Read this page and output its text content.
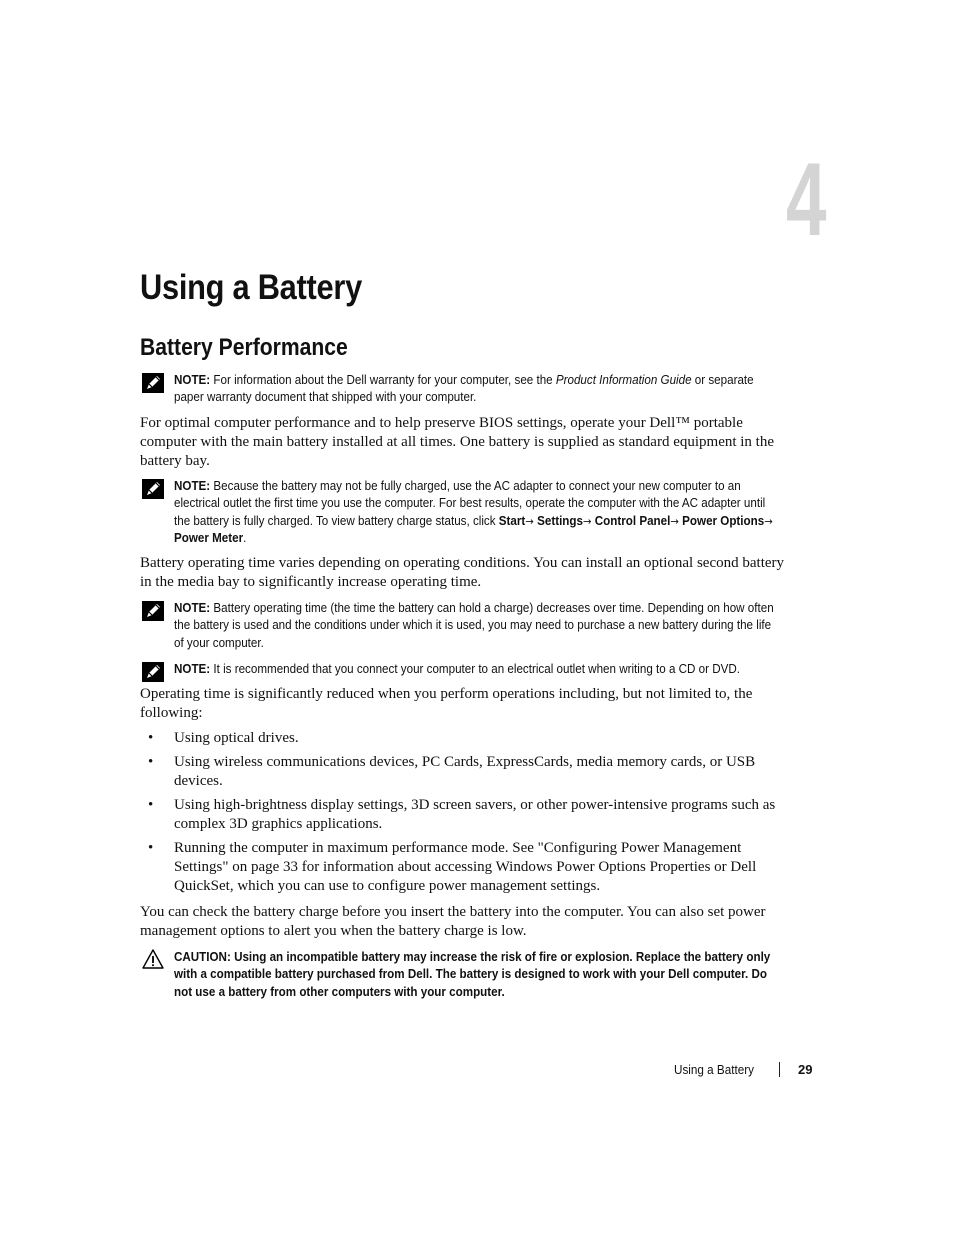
4
Using a Battery
Battery Performance
NOTE: For information about the Dell warranty for your computer, see the Product Information Guide or separate paper warranty document that shipped with your computer.

For optimal computer performance and to help preserve BIOS settings, operate your Dell™ portable computer with the main battery installed at all times. One battery is supplied as standard equipment in the battery bay.

NOTE: Because the battery may not be fully charged, use the AC adapter to connect your new computer to an electrical outlet the first time you use the computer. For best results, operate the computer with the AC adapter until the battery is fully charged. To view battery charge status, click Start→ Settings→ Control Panel→ Power Options→ Power Meter.

Battery operating time varies depending on operating conditions. You can install an optional second battery in the media bay to significantly increase operating time.

NOTE: Battery operating time (the time the battery can hold a charge) decreases over time. Depending on how often the battery is used and the conditions under which it is used, you may need to purchase a new battery during the life of your computer.
NOTE: It is recommended that you connect your computer to an electrical outlet when writing to a CD or DVD.

Operating time is significantly reduced when you perform operations including, but not limited to, the following:

• Using optical drives.
• Using wireless communications devices, PC Cards, ExpressCards, media memory cards, or USB devices.
• Using high-brightness display settings, 3D screen savers, or other power-intensive programs such as complex 3D graphics applications.
• Running the computer in maximum performance mode. See "Configuring Power Management Settings" on page 33 for information about accessing Windows Power Options Properties or Dell QuickSet, which you can use to configure power management settings.

You can check the battery charge before you insert the battery into the computer. You can also set power management options to alert you when the battery charge is low.

CAUTION: Using an incompatible battery may increase the risk of fire or explosion. Replace the battery only with a compatible battery purchased from Dell. The battery is designed to work with your Dell computer. Do not use a battery from other computers with your computer.
Using a Battery	29
